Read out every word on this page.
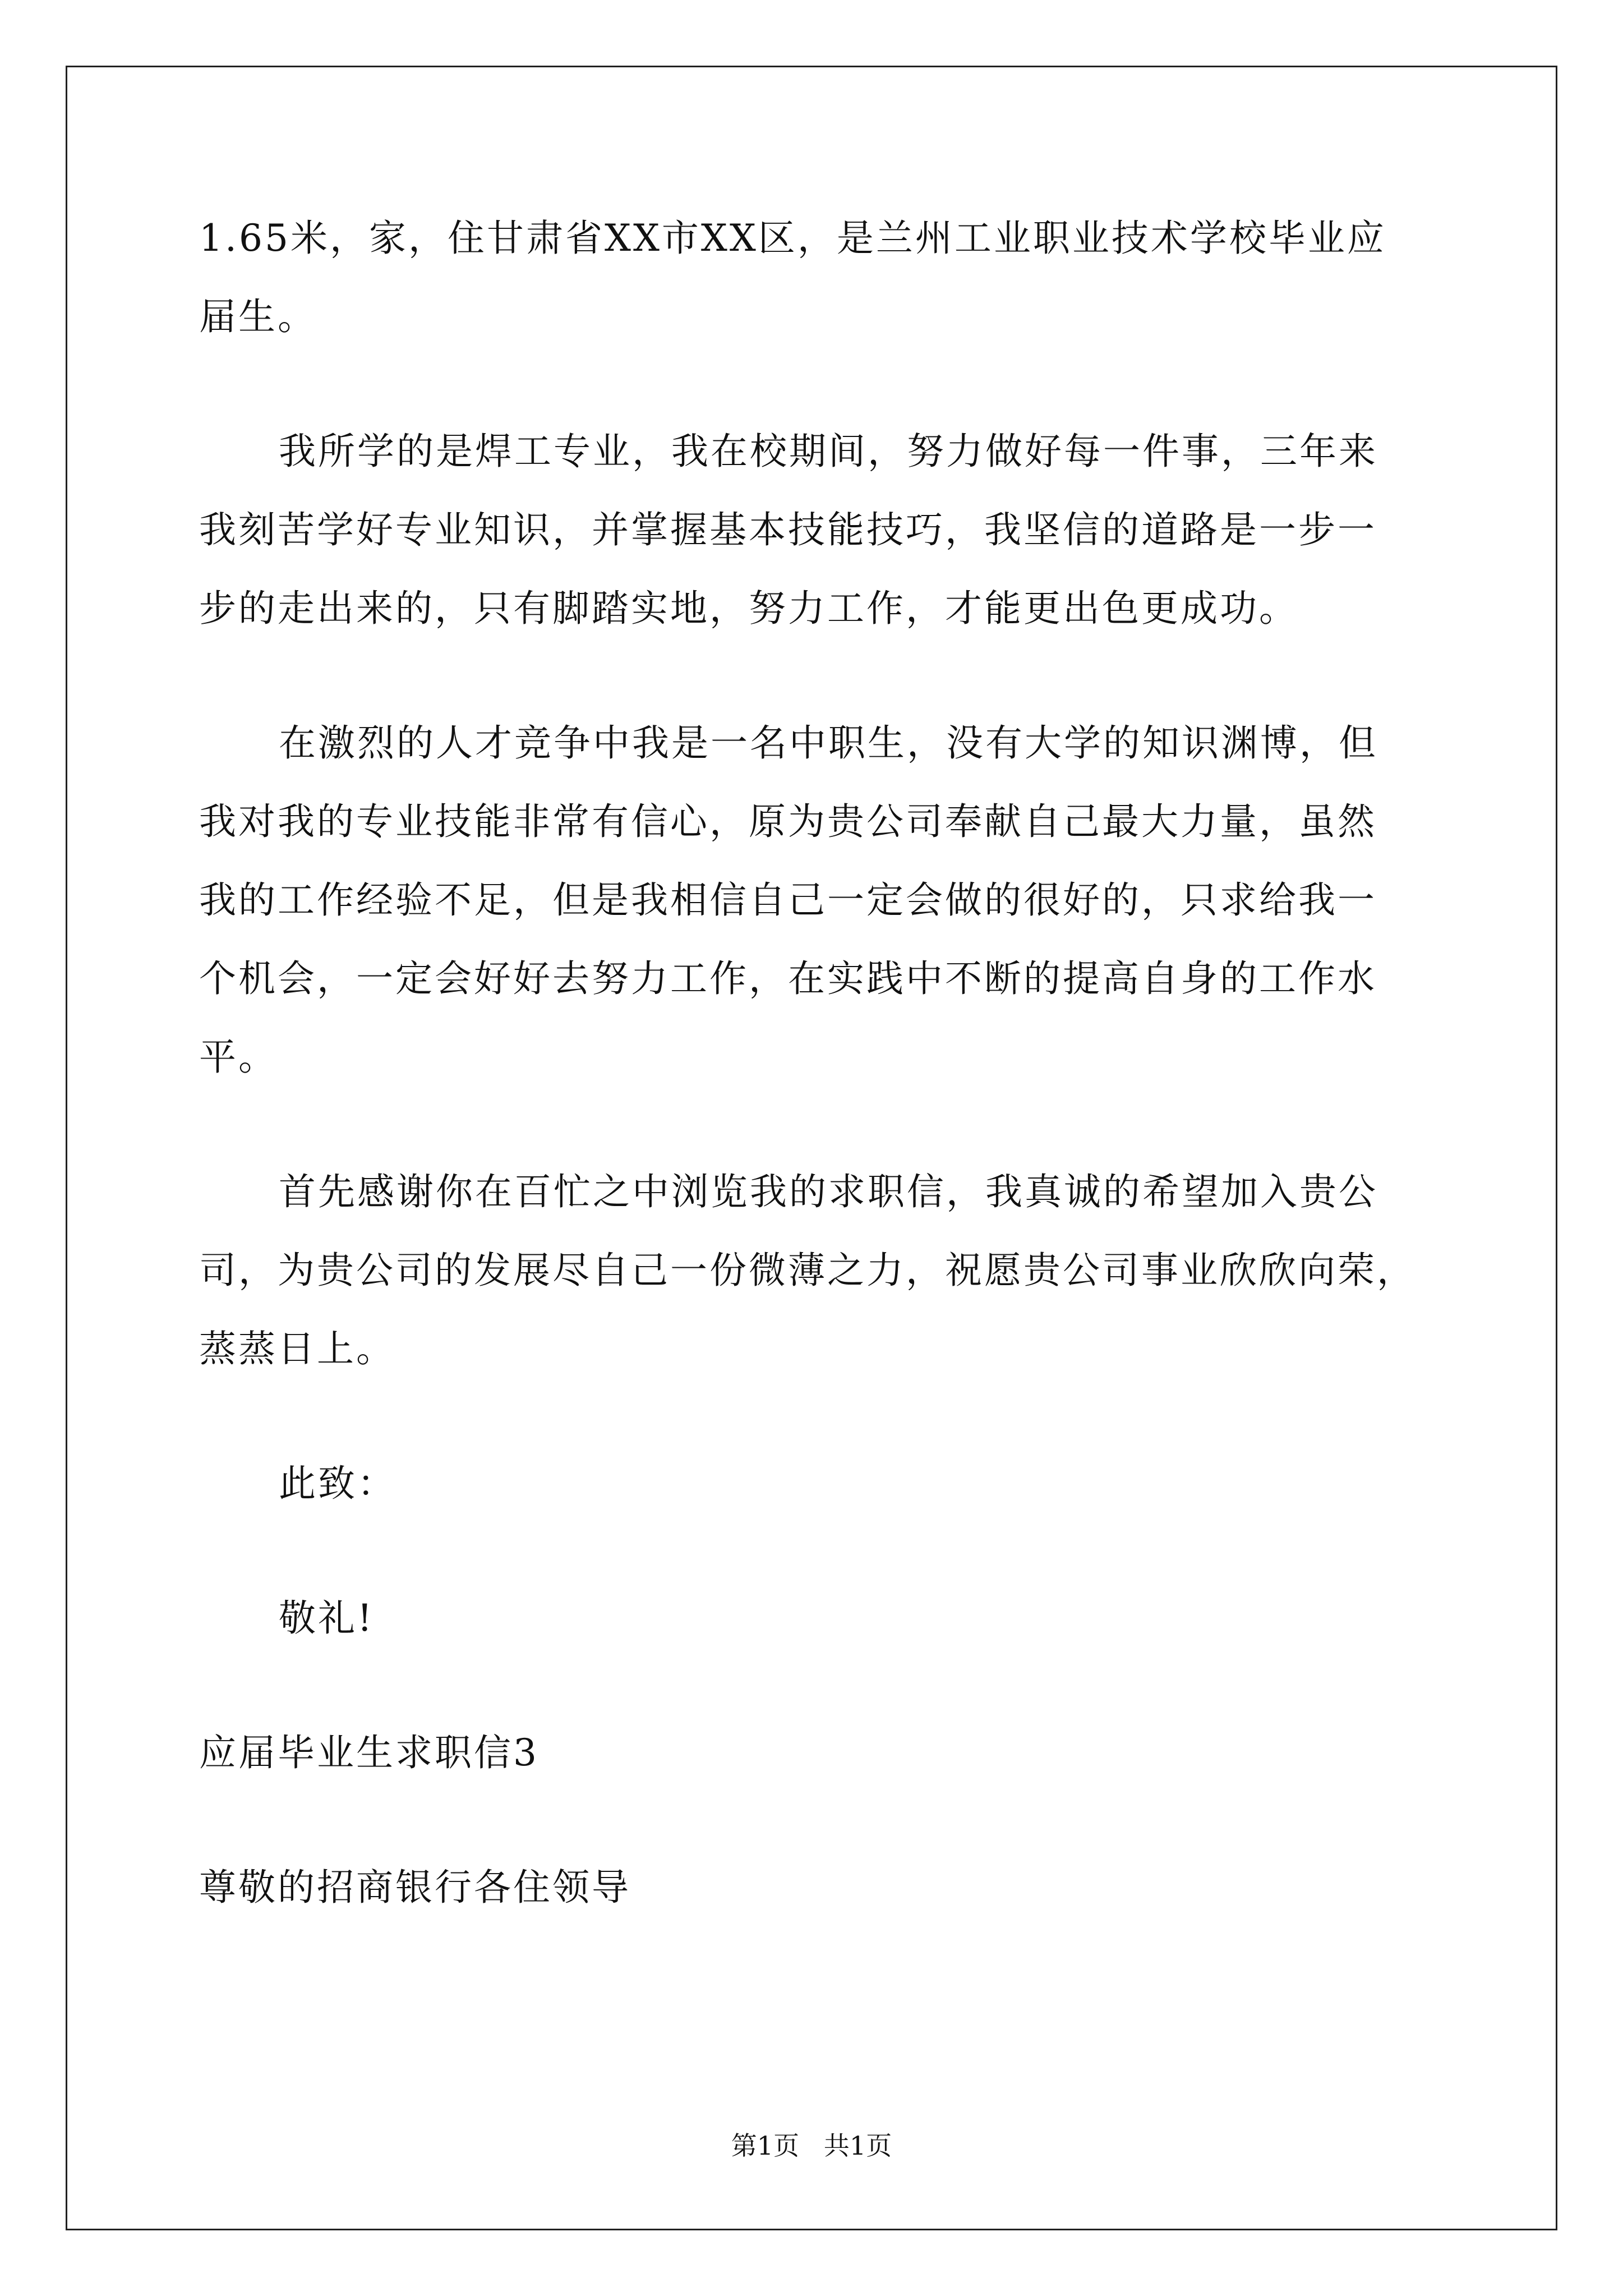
1.65米，家，住甘肃省XX市XX区，是兰州工业职业技术学校毕业应
届生。
我所学的是焊工专业，我在校期间，努力做好每一件事，三年来
我刻苦学好专业知识，并掌握基本技能技巧，我坚信的道路是一步一
步的走出来的，只有脚踏实地，努力工作，才能更出色更成功。
在激烈的人才竞争中我是一名中职生，没有大学的知识渊博，但
我对我的专业技能非常有信心，原为贵公司奉献自己最大力量，虽然
我的工作经验不足，但是我相信自己一定会做的很好的，只求给我一
个机会，一定会好好去努力工作，在实践中不断的提高自身的工作水
平。
首先感谢你在百忙之中浏览我的求职信，我真诚的希望加入贵公
司，为贵公司的发展尽自己一份微薄之力，祝愿贵公司事业欣欣向荣，
蒸蒸日上。
此致：
敬礼!
应届毕业生求职信3
尊敬的招商银行各住领导
第1页   共1页
